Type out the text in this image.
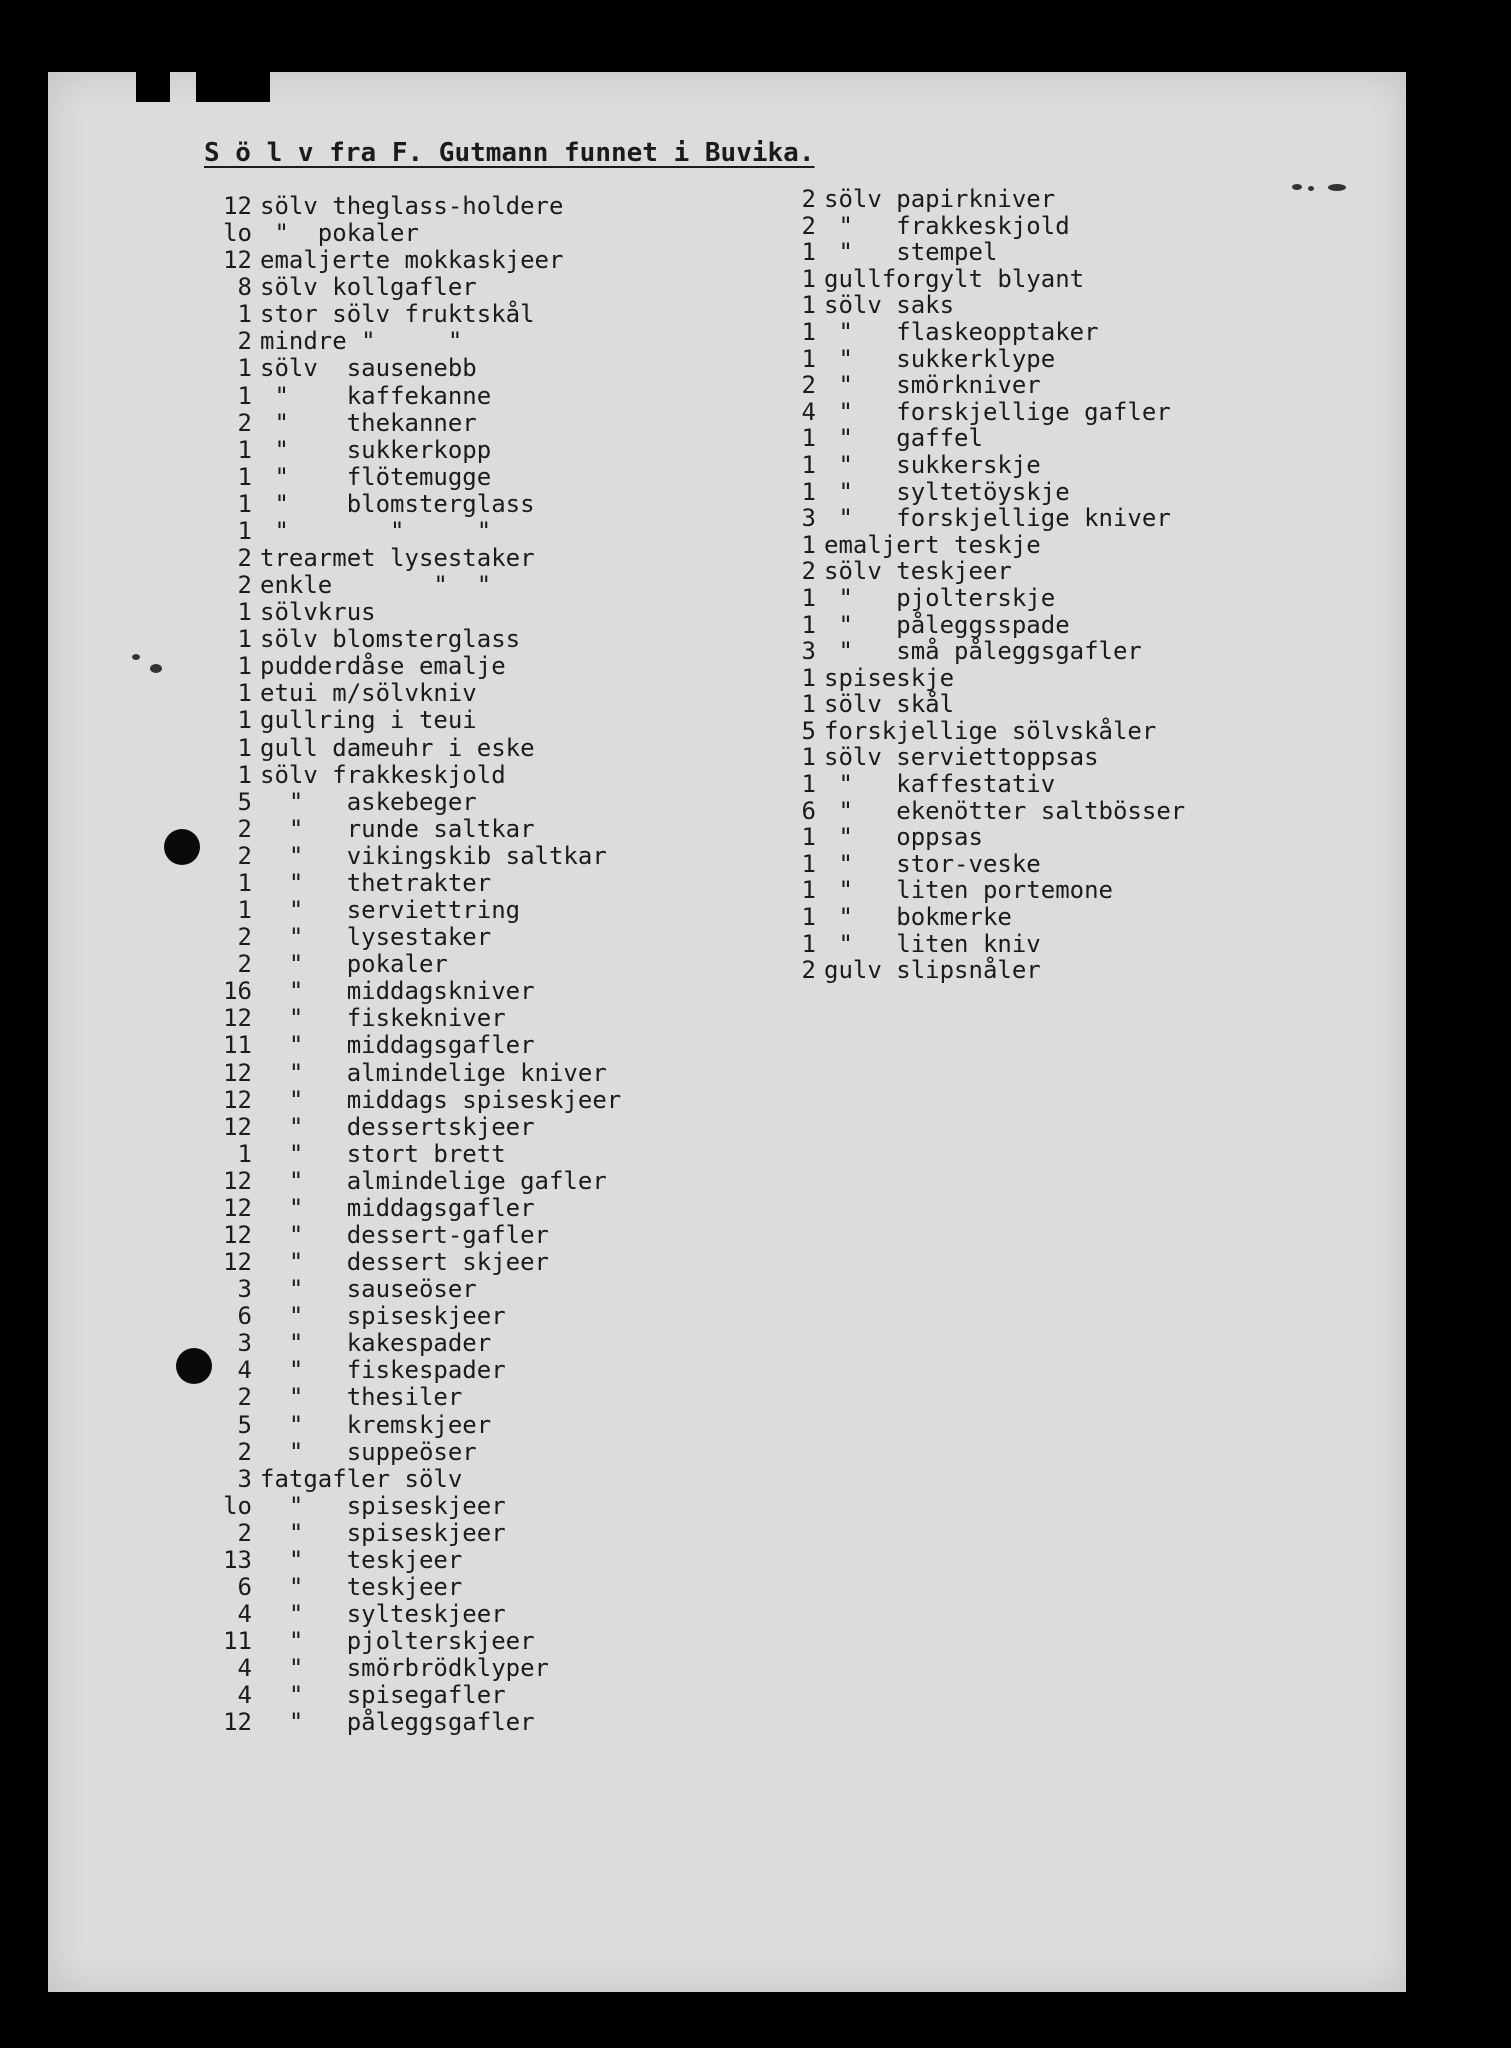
S ö l v fra F. Gutmann funnet i Buvika.
12 sölv theglass-holdere
lo "  pokaler
12 emaljerte mokkaskjeer
8 sölv kollgafler
1 stor sölv fruktskål
2 mindre "     "
1 sölv  sausenebb
1 "    kaffekanne
2 "    thekanner
1 "    sukkerkopp
1 "    flötemugge
1 "    blomsterglass
1 "       "     "
2 trearmet lysestaker
2 enkle       "  "
1 sölvkrus
1 sölv blomsterglass
1 pudderdåse emalje
1 etui m/sölvkniv
1 gullring i teui
1 gull dameuhr i eske
1 sölv frakkeskjold
5 "   askebeger
2 "   runde saltkar
2 "   vikingskib saltkar
1 "   thetrakter
1 "   serviettring
2 "   lysestaker
2 "   pokaler
16 "   middagskniver
12 "   fiskekniver
11 "   middagsgafler
12 "   almindelige kniver
12 "   middags spiseskjeer
12 "   dessertskjeer
1 "   stort brett
12 "   almindelige gafler
12 "   middagsgafler
12 "   dessert-gafler
12 "   dessert skjeer
3 "   sauseöser
6 "   spiseskjeer
3 "   kakespader
4 "   fiskespader
2 "   thesiler
5 "   kremskjeer
2 "   suppeöser
3 fatgafler sölv
lo "   spiseskjeer
2 "   spiseskjeer
13 "   teskjeer
6 "   teskjeer
4 "   sylteskjeer
11 "   pjolterskjeer
4 "   smörbrödklyper
4 "   spisegafler
12 "   påleggsgafler
2 sölv papirkniver
2 "   frakkeskjold
1 "   stempel
1 gullforgylt blyant
1 sölv saks
1 "   flaskeopptaker
1 "   sukkerklype
2 "   smörkniver
4 "   forskjellige gafler
1 "   gaffel
1 "   sukkerskje
1 "   syltetöyskje
3 "   forskjellige kniver
1 emaljert teskje
2 sölv teskjeer
1 "   pjolterskje
1 "   påleggsspade
3 "   små påleggsgafler
1 spiseskje
1 sölv skål
5 forskjellige sölvskåler
1 sölv serviettoppsas
1 "   kaffestativ
6 "   ekenötter saltbösser
1 "   oppsas
1 "   stor-veske
1 "   liten portemone
1 "   bokmerke
1 "   liten kniv
2 gulv slipsnåler
